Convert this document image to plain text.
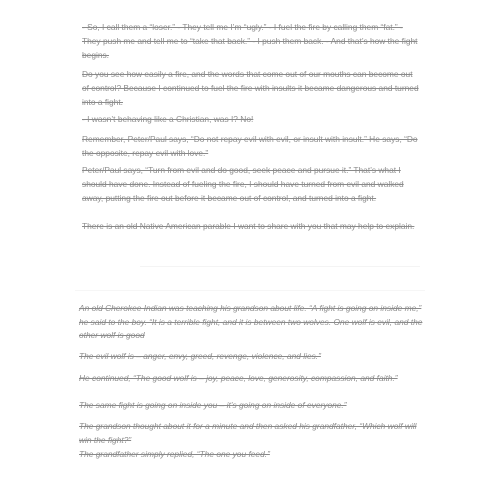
- So, I call them a “loser.” - They tell me I’m “ugly.” - I fuel the fire by calling them “fat.” - They push me and tell me to “take that back.” - I push them back. - And that’s how the fight begins.

Do you see how easily a fire, and the words that come out of our mouths can become out of control? Because I continued to fuel the fire with insults it became dangerous and turned into a fight.

- I wasn’t behaving like a Christian, was I? No!

Remember, Peter/Paul says, “Do not repay evil with evil, or insult with insult.” He says, “Do the opposite, repay evil with love.”

Peter/Paul says, “Turn from evil and do good, seek peace and pursue it.” That’s what I should have done. Instead of fueling the fire, I should have turned from evil and walked away, putting the fire out before it became out of control, and turned into a fight.

There is an old Native American parable I want to share with you that may help to explain.

An old Cherokee Indian was teaching his grandson about life. “A fight is going on inside me,” he said to the boy. “It is a terrible fight, and it is between two wolves. One wolf is evil, and the other wolf is good

The evil wolf is – anger, envy, greed, revenge, violence, and lies.”

He continued, “The good wolf is – joy, peace, love, generosity, compassion, and faith.”

The same fight is going on inside you – it’s going on inside of everyone.”

The grandson thought about it for a minute and then asked his grandfather, “Which wolf will win the fight?”

The grandfather simply replied, “The one you feed.”
